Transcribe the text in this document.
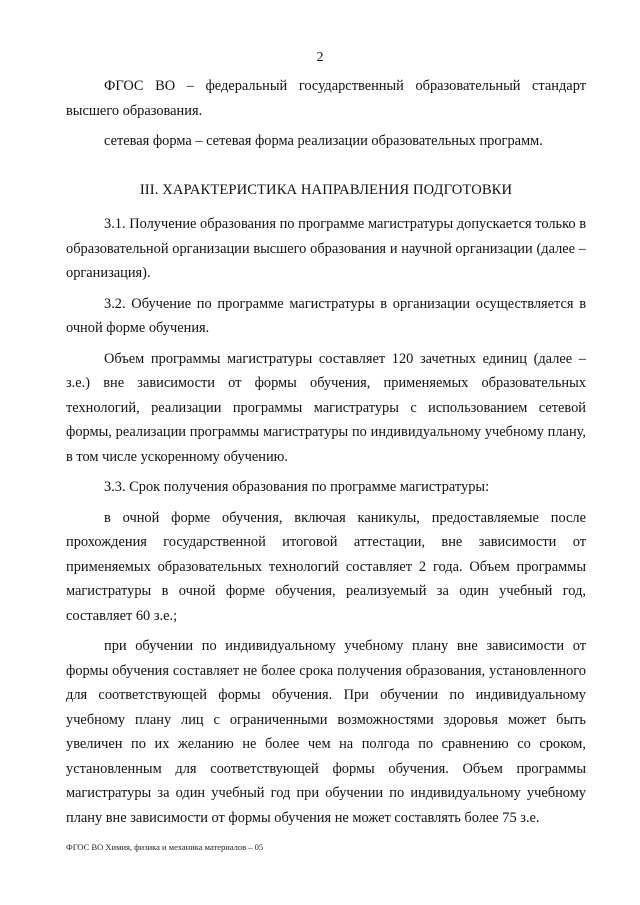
2

ФГОС ВО – федеральный государственный образовательный стандарт высшего образования.

сетевая форма – сетевая форма реализации образовательных программ.

III. ХАРАКТЕРИСТИКА НАПРАВЛЕНИЯ ПОДГОТОВКИ

3.1. Получение образования по программе магистратуры допускается только в образовательной организации высшего образования и научной организации (далее – организация).

3.2. Обучение по программе магистратуры в организации осуществляется в очной форме обучения.

Объем программы магистратуры составляет 120 зачетных единиц (далее – з.е.) вне зависимости от формы обучения, применяемых образовательных технологий, реализации программы магистратуры с использованием сетевой формы, реализации программы магистратуры по индивидуальному учебному плану, в том числе ускоренному обучению.

3.3. Срок получения образования по программе магистратуры:

в очной форме обучения, включая каникулы, предоставляемые после прохождения государственной итоговой аттестации, вне зависимости от применяемых образовательных технологий составляет 2 года. Объем программы магистратуры в очной форме обучения, реализуемый за один учебный год, составляет 60 з.е.;

при обучении по индивидуальному учебному плану вне зависимости от формы обучения составляет не более срока получения образования, установленного для соответствующей формы обучения. При обучении по индивидуальному учебному плану лиц с ограниченными возможностями здоровья может быть увеличен по их желанию не более чем на полгода по сравнению со сроком, установленным для соответствующей формы обучения. Объем программы магистратуры за один учебный год при обучении по индивидуальному учебному плану вне зависимости от формы обучения не может составлять более 75 з.е.

ФГОС ВО Химия, физика и механика материалов – 05
